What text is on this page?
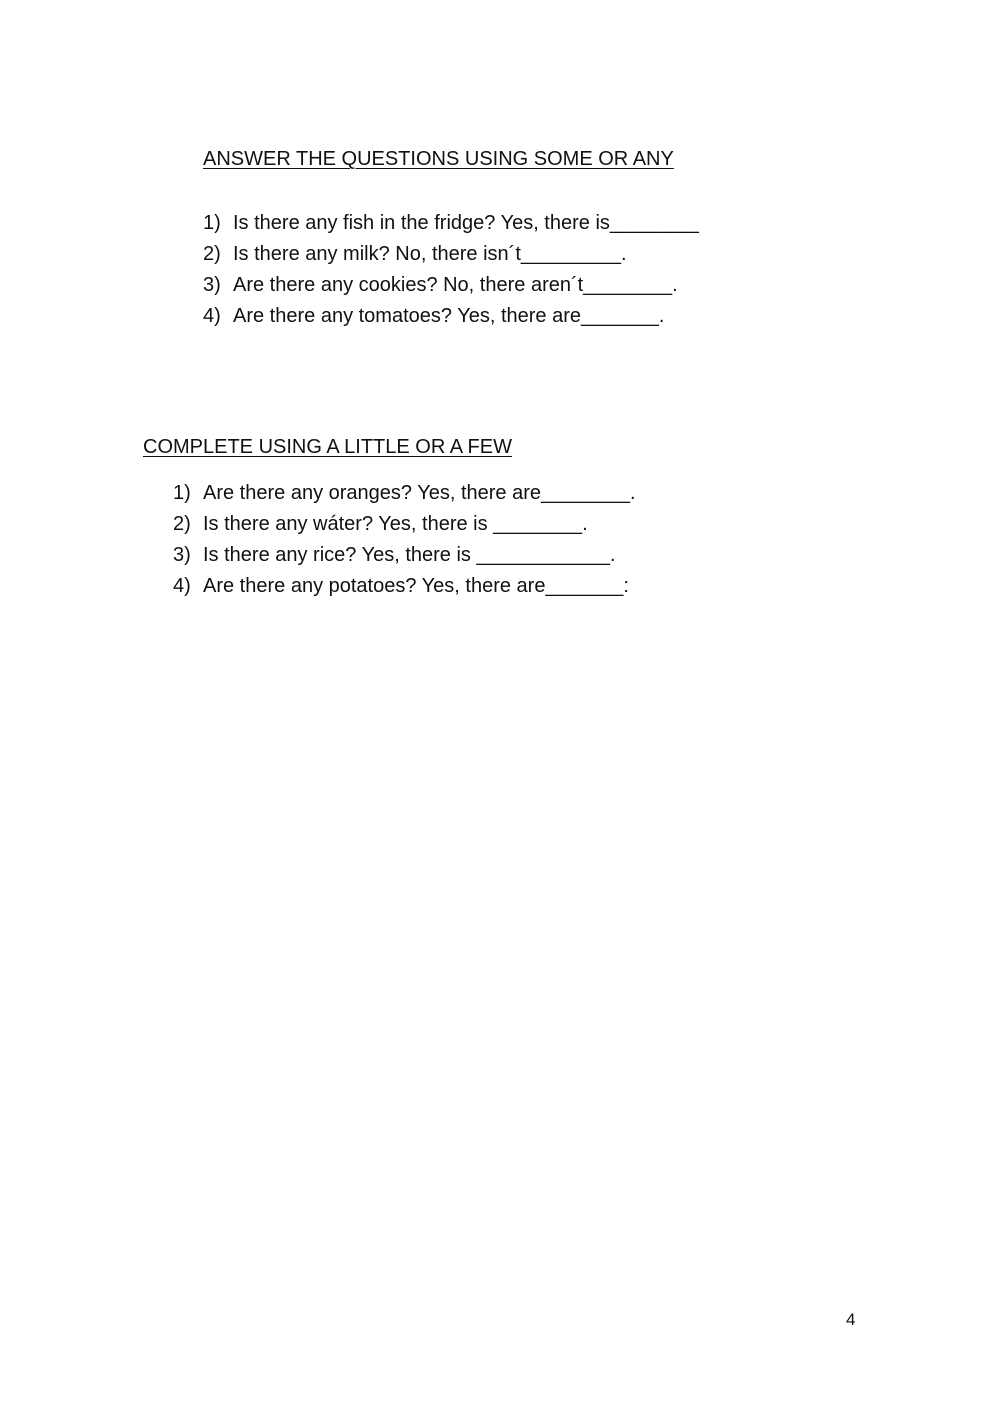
ANSWER THE QUESTIONS USING SOME OR ANY
1) Is there any fish in the fridge? Yes, there is________
2) Is there any milk? No, there isn´t_________.
3) Are there any cookies? No, there aren´t________.
4) Are there any tomatoes? Yes, there are_______.
COMPLETE USING A LITTLE OR A FEW
1) Are there any oranges? Yes, there are________.
2) Is there any wáter? Yes, there is ________.
3) Is there any rice? Yes, there is ____________.
4) Are there any potatoes? Yes, there are_______:
4
